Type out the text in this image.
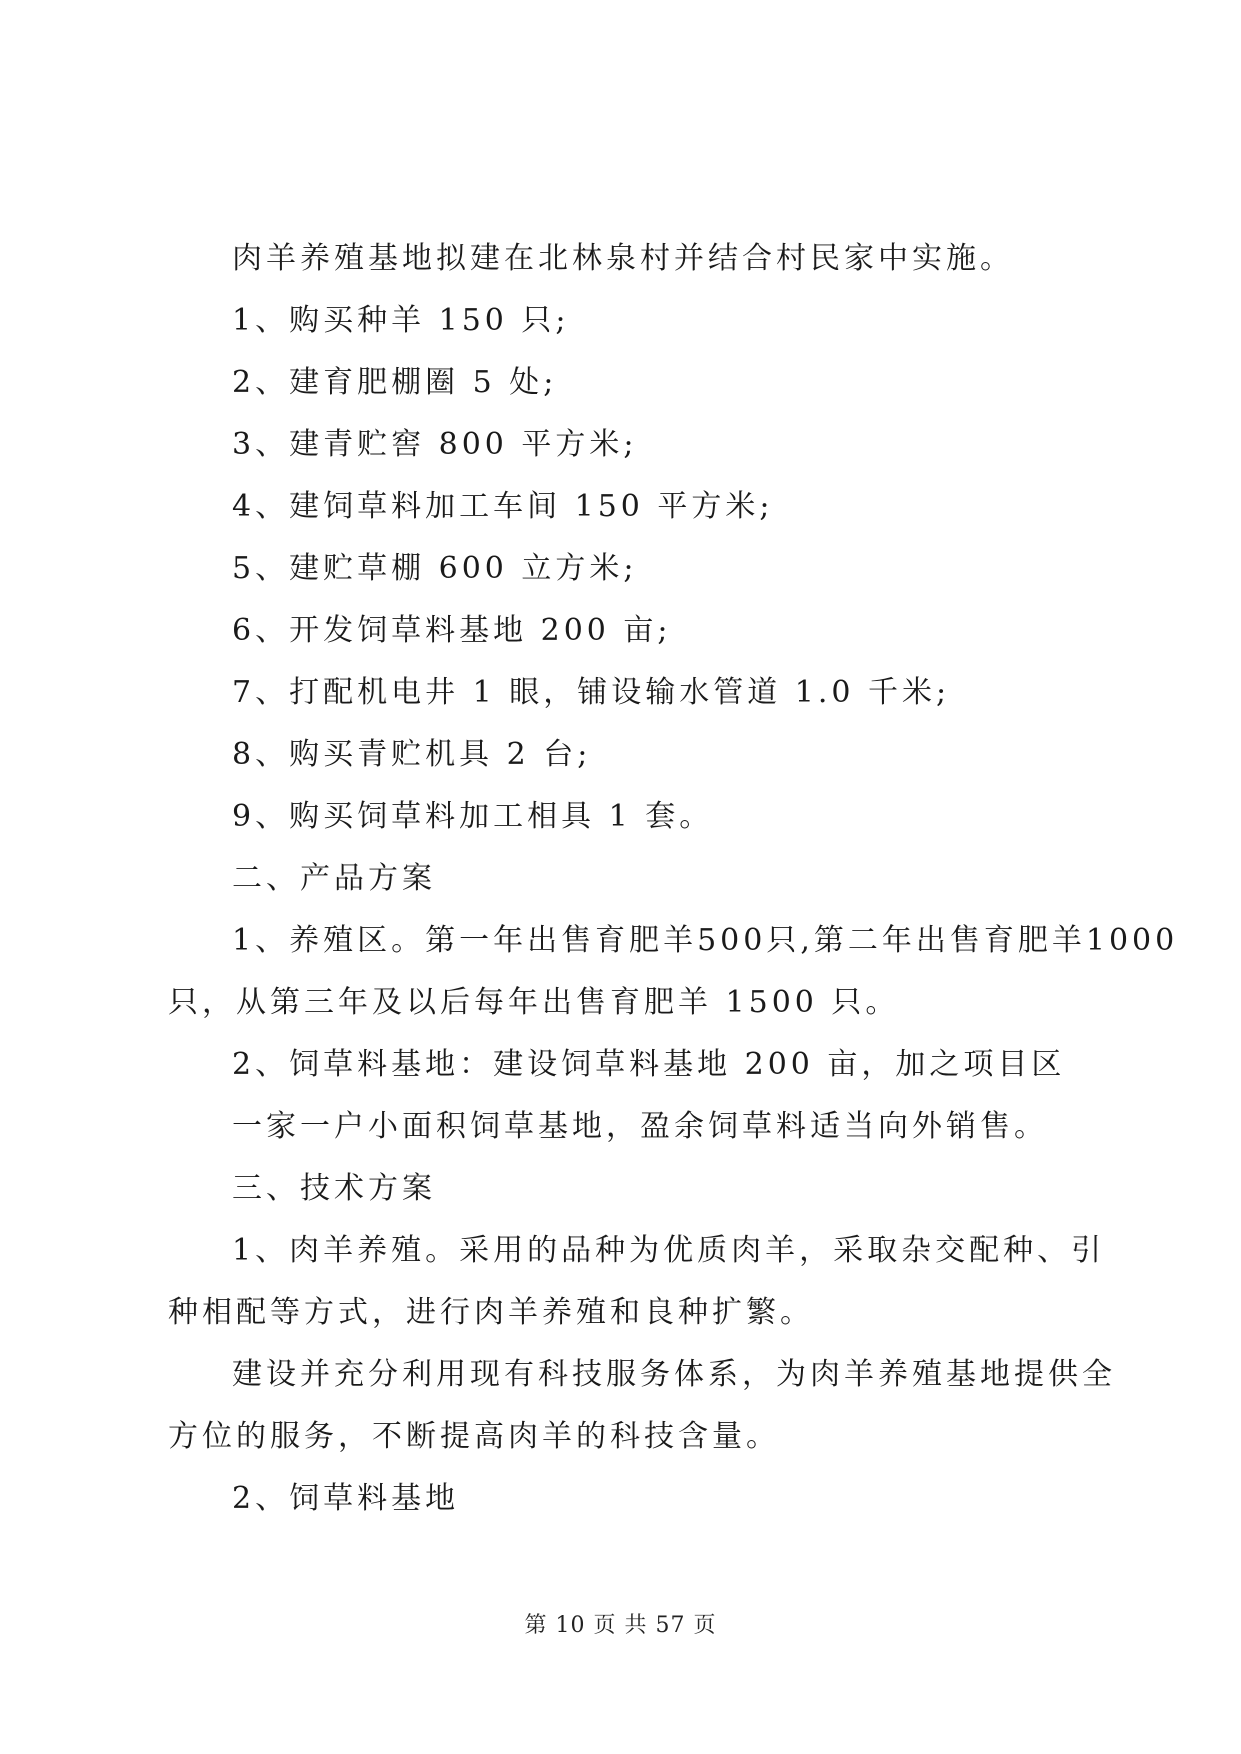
肉羊养殖基地拟建在北林泉村并结合村民家中实施。
1、购买种羊 150 只;
2、建育肥棚圈 5 处;
3、建青贮窖 800 平方米;
4、建饲草料加工车间 150 平方米;
5、建贮草棚 600 立方米;
6、开发饲草料基地 200 亩;
7、打配机电井 1 眼，铺设输水管道 1.0 千米;
8、购买青贮机具 2 台;
9、购买饲草料加工相具 1 套。
二、产品方案
1、养殖区。第一年出售育肥羊500只,第二年出售育肥羊1000
只，从第三年及以后每年出售育肥羊 1500 只。
2、饲草料基地：建设饲草料基地 200 亩，加之项目区
一家一户小面积饲草基地，盈余饲草料适当向外销售。
三、技术方案
1、肉羊养殖。采用的品种为优质肉羊，采取杂交配种、引
种相配等方式，进行肉羊养殖和良种扩繁。
建设并充分利用现有科技服务体系，为肉羊养殖基地提供全
方位的服务，不断提高肉羊的科技含量。
2、饲草料基地
第 10 页 共 57 页
